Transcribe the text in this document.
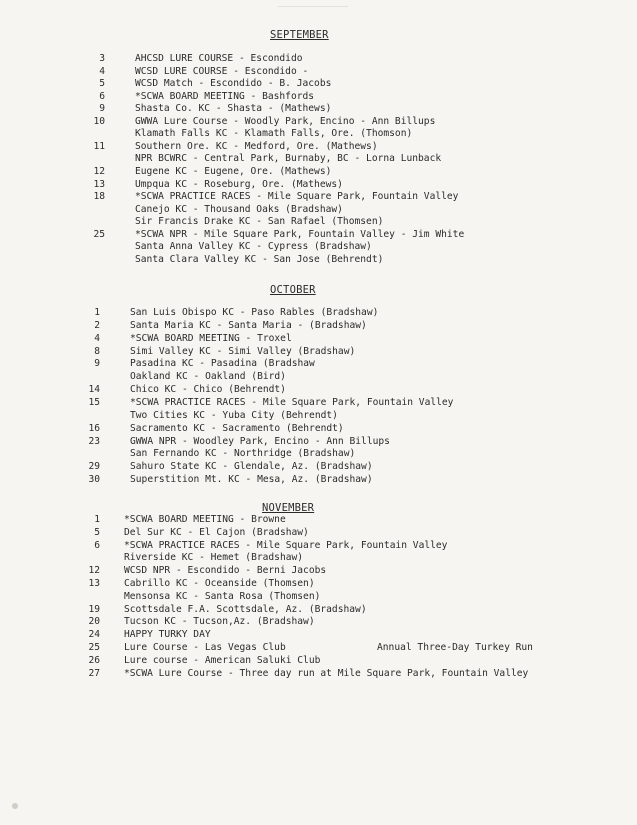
SEPTEMBER
3	AHCSD LURE COURSE - Escondido
4	WCSD LURE COURSE - Escondido -
5	WCSD Match - Escondido - B. Jacobs
6	*SCWA BOARD MEETING - Bashfords
9	Shasta Co. KC - Shasta - (Mathews)
10	GWWA Lure Course - Woodly Park, Encino - Ann Billups
Klamath Falls KC - Klamath Falls, Ore. (Thomson)
11	Southern Ore. KC - Medford, Ore. (Mathews)
NPR BCWRC - Central Park, Burnaby, BC - Lorna Lunback
12	Eugene KC - Eugene, Ore. (Mathews)
13	Umpqua KC - Roseburg, Ore. (Mathews)
18	*SCWA PRACTICE RACES - Mile Square Park, Fountain Valley
Canejo KC - Thousand Oaks (Bradshaw)
Sir Francis Drake KC - San Rafael (Thomsen)
25	*SCWA NPR - Mile Square Park, Fountain Valley - Jim White
Santa Anna Valley KC - Cypress (Bradshaw)
Santa Clara Valley KC - San Jose (Behrendt)
OCTOBER
1	San Luis Obispo KC - Paso Rables (Bradshaw)
2	Santa Maria KC - Santa Maria - (Bradshaw)
4	*SCWA BOARD MEETING - Troxel
8	Simi Valley KC - Simi Valley (Bradshaw)
9	Pasadina KC - Pasadina (Bradshaw
Oakland KC - Oakland (Bird)
14	Chico KC - Chico (Behrendt)
15	*SCWA PRACTICE RACES - Mile Square Park, Fountain Valley
Two Cities KC - Yuba City (Behrendt)
16	Sacramento KC - Sacramento (Behrendt)
23	GWWA NPR - Woodley Park, Encino - Ann Billups
San Fernando KC - Northridge (Bradshaw)
29	Sahuro State KC - Glendale, Az. (Bradshaw)
30	Superstition Mt. KC - Mesa, Az. (Bradshaw)
NOVEMBER
1	*SCWA BOARD MEETING - Browne
5	Del Sur KC - El Cajon (Bradshaw)
6	*SCWA PRACTICE RACES - Mile Square Park, Fountain Valley
Riverside KC - Hemet (Bradshaw)
12	WCSD NPR - Escondido - Berni Jacobs
13	Cabrillo KC - Oceanside (Thomsen)
Mensonsa KC - Santa Rosa (Thomsen)
19	Scottsdale F.A. Scottsdale, Az. (Bradshaw)
20	Tucson KC - Tucson,Az. (Bradshaw)
24	HAPPY TURKY DAY
25	Lure Course - Las Vegas Club	Annual Three-Day Turkey Run
26	Lure course - American Saluki Club
27	*SCWA Lure Course - Three day run at Mile Square Park, Fountain Valley
